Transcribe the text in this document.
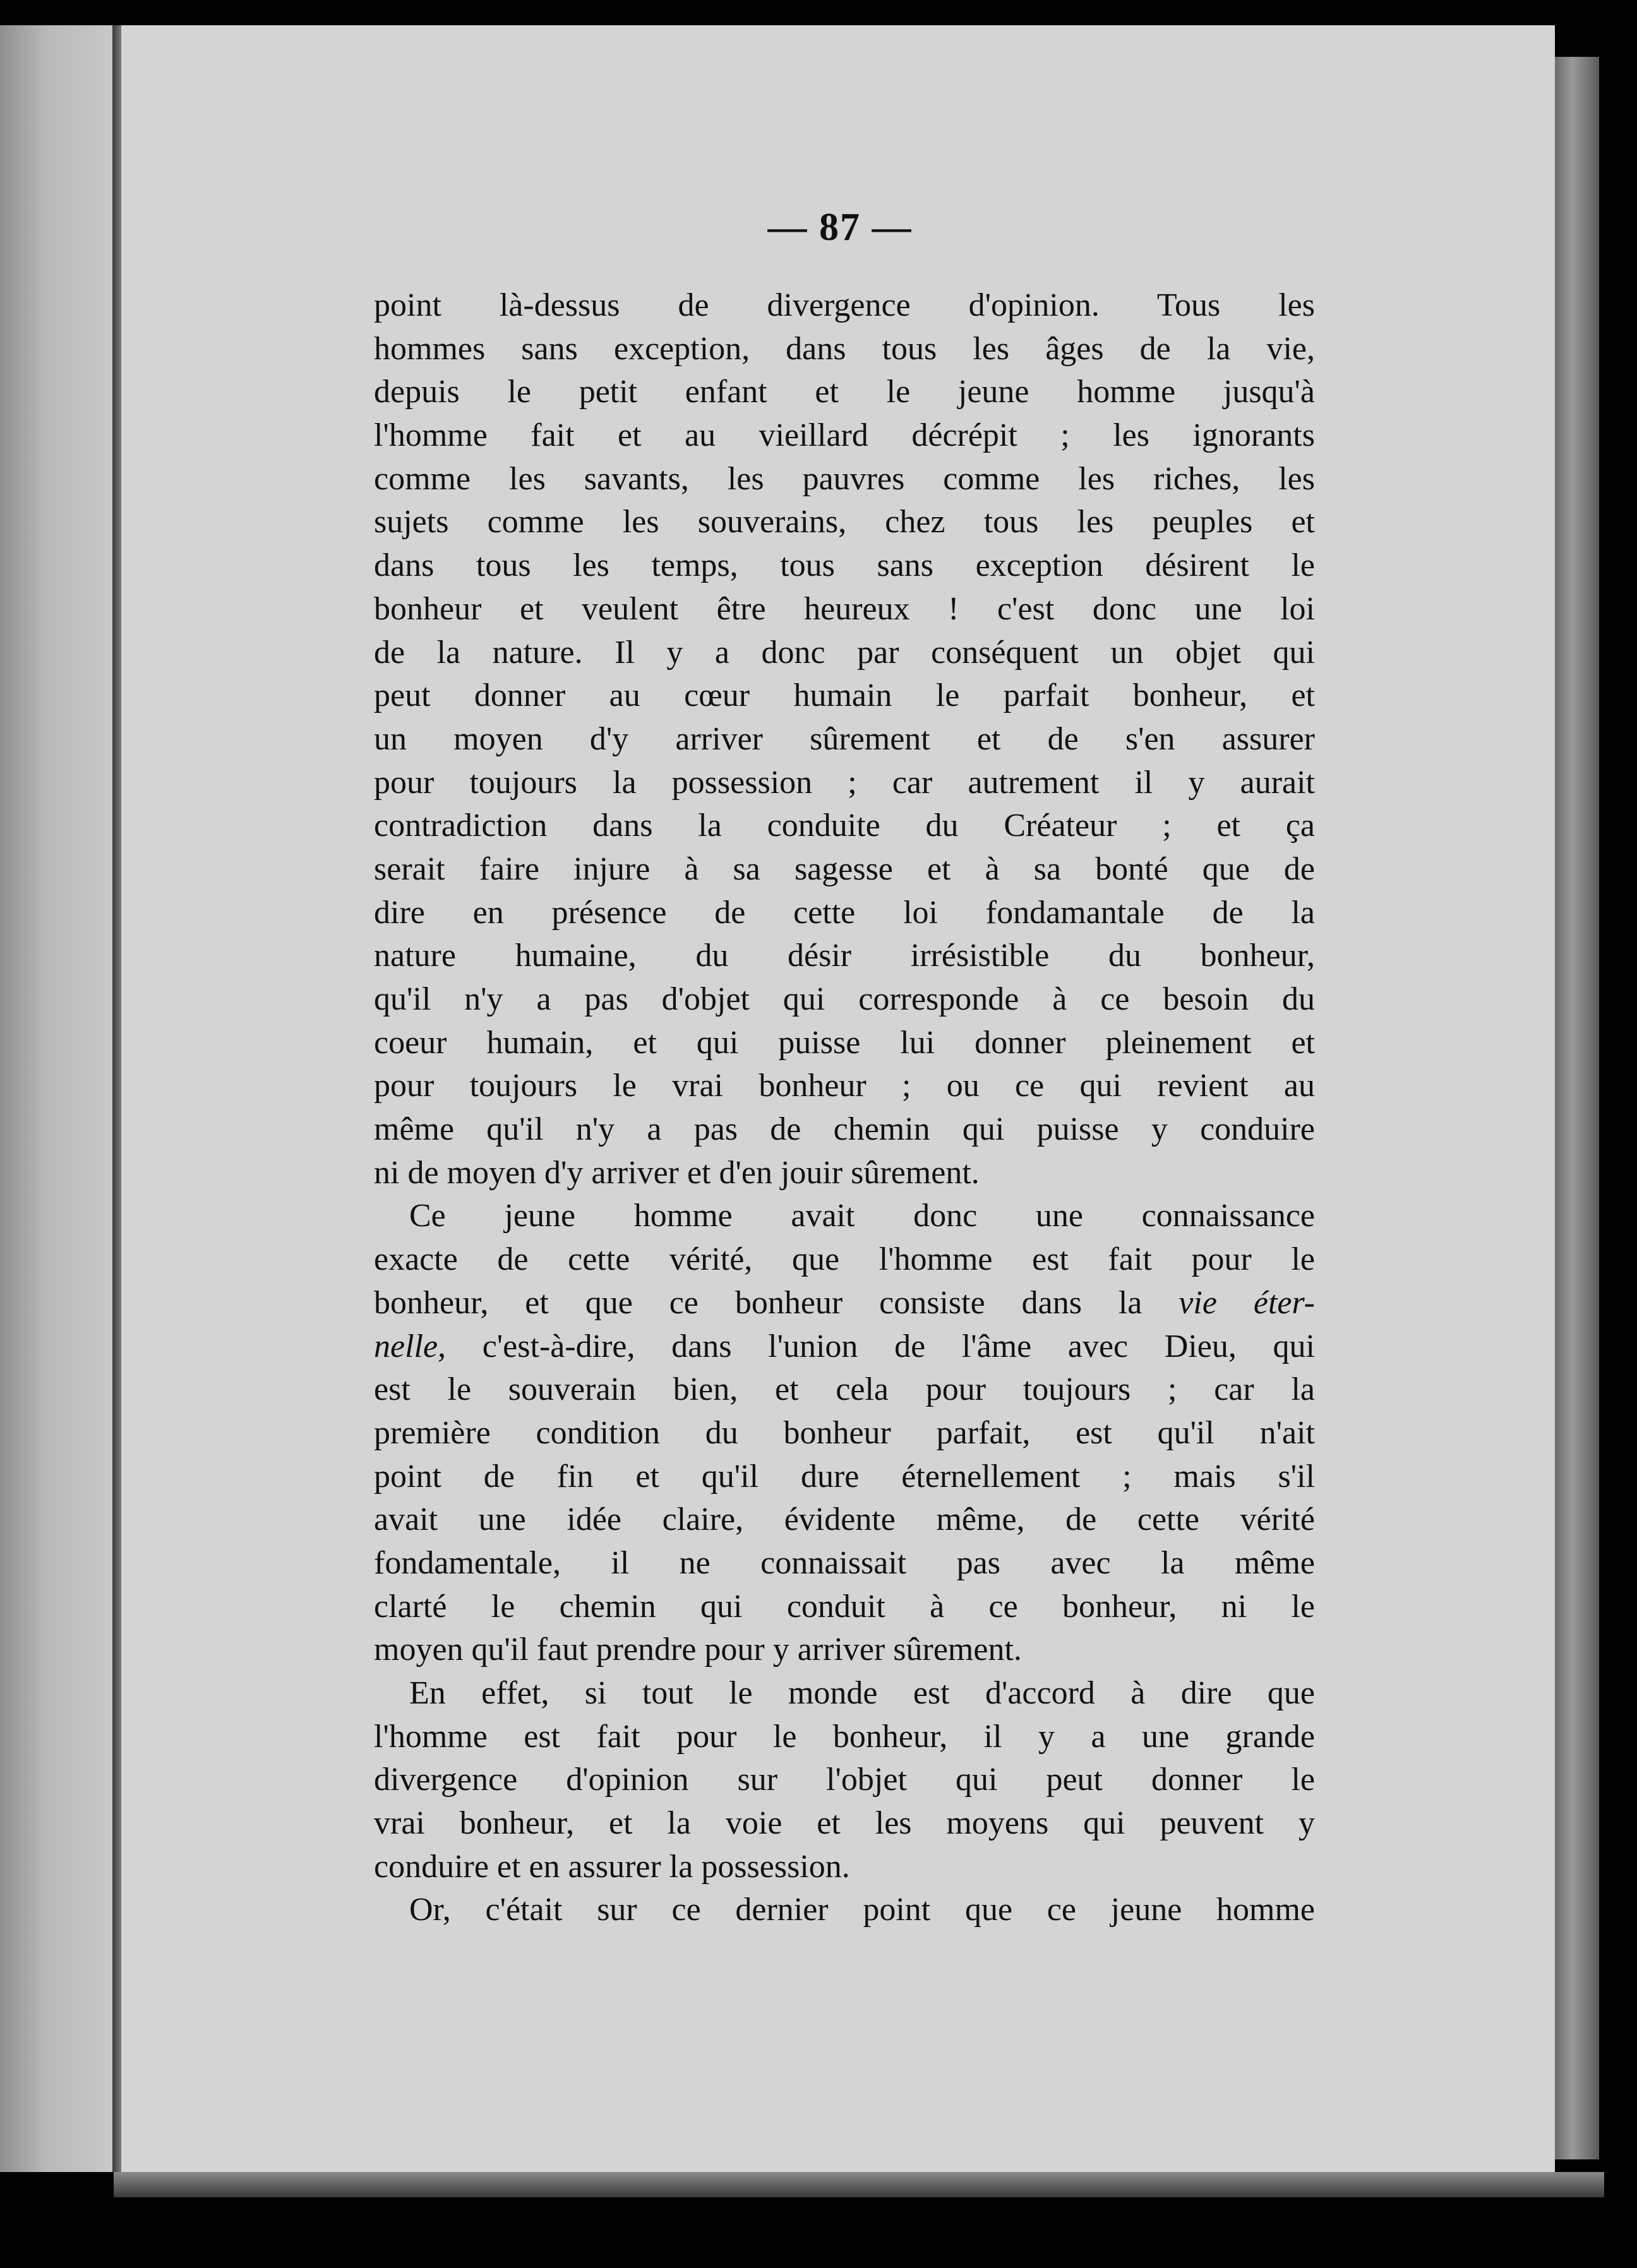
— 87 —
point là-dessus de divergence d'opinion. Tous les
hommes sans exception, dans tous les âges de la vie,
depuis le petit enfant et le jeune homme jusqu'à
l'homme fait et au vieillard décrépit ; les ignorants
comme les savants, les pauvres comme les riches, les
sujets comme les souverains, chez tous les peuples et
dans tous les temps, tous sans exception désirent le
bonheur et veulent être heureux ! c'est donc une loi
de la nature. Il y a donc par conséquent un objet qui
peut donner au cœur humain le parfait bonheur, et
un moyen d'y arriver sûrement et de s'en assurer
pour toujours la possession ; car autrement il y aurait
contradiction dans la conduite du Créateur ; et ça
serait faire injure à sa sagesse et à sa bonté que de
dire en présence de cette loi fondamantale de la
nature humaine, du désir irrésistible du bonheur,
qu'il n'y a pas d'objet qui corresponde à ce besoin du
coeur humain, et qui puisse lui donner pleinement et
pour toujours le vrai bonheur ; ou ce qui revient au
même qu'il n'y a pas de chemin qui puisse y conduire
ni de moyen d'y arriver et d'en jouir sûrement.
Ce jeune homme avait donc une connaissance
exacte de cette vérité, que l'homme est fait pour le
bonheur, et que ce bonheur consiste dans la vie éter-
nelle, c'est-à-dire, dans l'union de l'âme avec Dieu, qui
est le souverain bien, et cela pour toujours ; car la
première condition du bonheur parfait, est qu'il n'ait
point de fin et qu'il dure éternellement ; mais s'il
avait une idée claire, évidente même, de cette vérité
fondamentale, il ne connaissait pas avec la même
clarté le chemin qui conduit à ce bonheur, ni le
moyen qu'il faut prendre pour y arriver sûrement.
En effet, si tout le monde est d'accord à dire que
l'homme est fait pour le bonheur, il y a une grande
divergence d'opinion sur l'objet qui peut donner le
vrai bonheur, et la voie et les moyens qui peuvent y
conduire et en assurer la possession.
Or, c'était sur ce dernier point que ce jeune homme
